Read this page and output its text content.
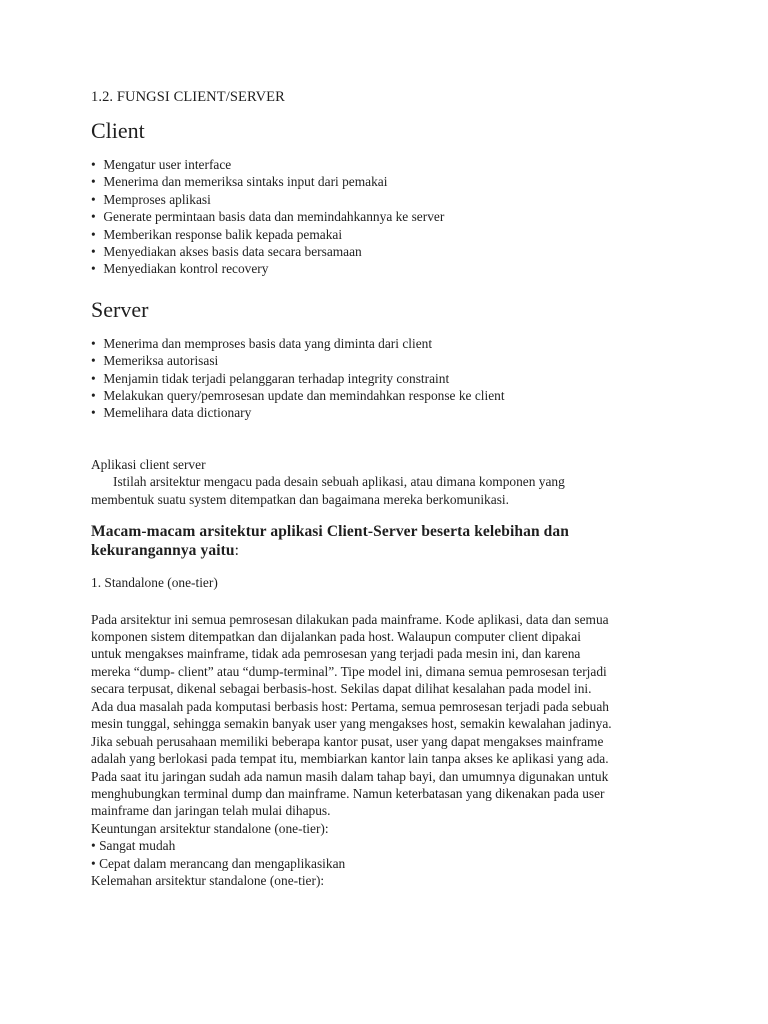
1.2. FUNGSI CLIENT/SERVER
Client
• Mengatur user interface
• Menerima dan memeriksa sintaks input dari pemakai
• Memproses aplikasi
• Generate permintaan basis data dan memindahkannya ke server
• Memberikan response balik kepada pemakai
• Menyediakan akses basis data secara bersamaan
• Menyediakan kontrol recovery
Server
• Menerima dan memproses basis data yang diminta dari client
• Memeriksa autorisasi
• Menjamin tidak terjadi pelanggaran terhadap integrity constraint
• Melakukan query/pemrosesan update dan memindahkan response ke client
• Memelihara data dictionary

Aplikasi client server

Istilah arsitektur mengacu pada desain sebuah aplikasi, atau dimana komponen yang
membentuk suatu system ditempatkan dan bagaimana mereka berkomunikasi.

Macam-macam arsitektur aplikasi Client-Server beserta kelebihan dan
kekurangannya yaitu:

1. Standalone (one-tier)

Pada arsitektur ini semua pemrosesan dilakukan pada mainframe. Kode aplikasi, data dan semua
komponen sistem ditempatkan dan dijalankan pada host. Walaupun computer client dipakai
untuk mengakses mainframe, tidak ada pemrosesan yang terjadi pada mesin ini, dan karena
mereka “dump- client” atau “dump-terminal”. Tipe model ini, dimana semua pemrosesan terjadi
secara terpusat, dikenal sebagai berbasis-host. Sekilas dapat dilihat kesalahan pada model ini.
Ada dua masalah pada komputasi berbasis host: Pertama, semua pemrosesan terjadi pada sebuah
mesin tunggal, sehingga semakin banyak user yang mengakses host, semakin kewalahan jadinya.
Jika sebuah perusahaan memiliki beberapa kantor pusat, user yang dapat mengakses mainframe
adalah yang berlokasi pada tempat itu, membiarkan kantor lain tanpa akses ke aplikasi yang ada.
Pada saat itu jaringan sudah ada namun masih dalam tahap bayi, dan umumnya digunakan untuk
menghubungkan terminal dump dan mainframe. Namun keterbatasan yang dikenakan pada user
mainframe dan jaringan telah mulai dihapus.
Keuntungan arsitektur standalone (one-tier):
• Sangat mudah
• Cepat dalam merancang dan mengaplikasikan
Kelemahan arsitektur standalone (one-tier):
